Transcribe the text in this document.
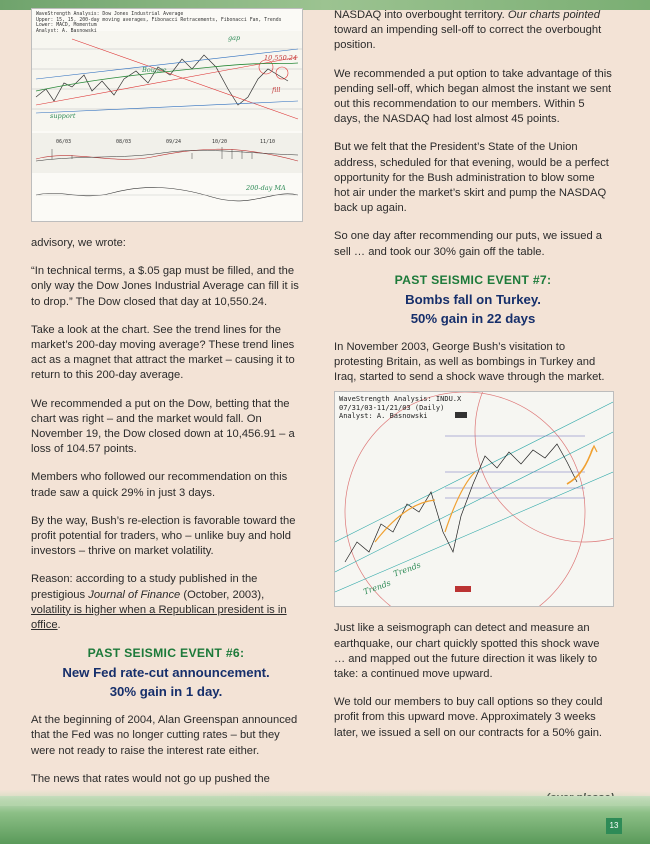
WaveStrength Analysis: Dow Jones Industrial Average
Upper: 15, 15, 200-day moving averages, Fibonacci Retracements, Fibonacci Fan, Trends
Lower: MACD, Momentum
Analyst: A. Basnowski
gap
support
fill
Bounce
10,550.24
200-day MA
06/03	08/03	09/24	10/20	11/10

advisory, we wrote:

“In technical terms, a $.05 gap must be filled, and the only way the Dow Jones Industrial Average can fill it is to drop.” The Dow closed that day at 10,550.24.

Take a look at the chart. See the trend lines for the market’s 200-day moving average? These trend lines act as a magnet that attract the market – causing it to return to this 200-day average.

We recommended a put on the Dow, betting that the chart was right – and the market would fall. On November 19, the Dow closed down at 10,456.91 – a loss of 104.57 points.

Members who followed our recommendation on this trade saw a quick 29% in just 3 days.

By the way, Bush’s re-election is favorable toward the profit potential for traders, who – unlike buy and hold investors – thrive on market volatility.

Reason: according to a study published in the prestigious Journal of Finance (October, 2003), volatility is higher when a Republican president is in office.

PAST SEISMIC EVENT #6:
New Fed rate-cut announcement.
30% gain in 1 day.

At the beginning of 2004, Alan Greenspan announced that the Fed was no longer cutting rates – but they were not ready to raise the interest rate either.

The news that rates would not go up pushed the

NASDAQ into overbought territory. Our charts pointed toward an impending sell-off to correct the overbought position.

We recommended a put option to take advantage of this pending sell-off, which began almost the instant we sent out this recommendation to our members. Within 5 days, the NASDAQ had lost almost 45 points.

But we felt that the President’s State of the Union address, scheduled for that evening, would be a perfect opportunity for the Bush administration to blow some hot air under the market’s skirt and pump the NASDAQ back up again.

So one day after recommending our puts, we issued a sell … and took our 30% gain off the table.

PAST SEISMIC EVENT #7:
Bombs fall on Turkey.
50% gain in 22 days

In November 2003, George Bush’s visitation to protesting Britain, as well as bombings in Turkey and Iraq, started to send a shock wave through the market.

WaveStrength Analysis: INDU.X
07/31/03-11/21/03 (Daily)
Analyst: A. Basnowski
Trends
Trends

Just like a seismograph can detect and measure an earthquake, our chart quickly spotted this shock wave … and mapped out the future direction it was likely to take: a continued move upward.

We told our members to buy call options so they could profit from this upward move. Approximately 3 weeks later, we issued a sell on our contracts for a 50% gain.

13
